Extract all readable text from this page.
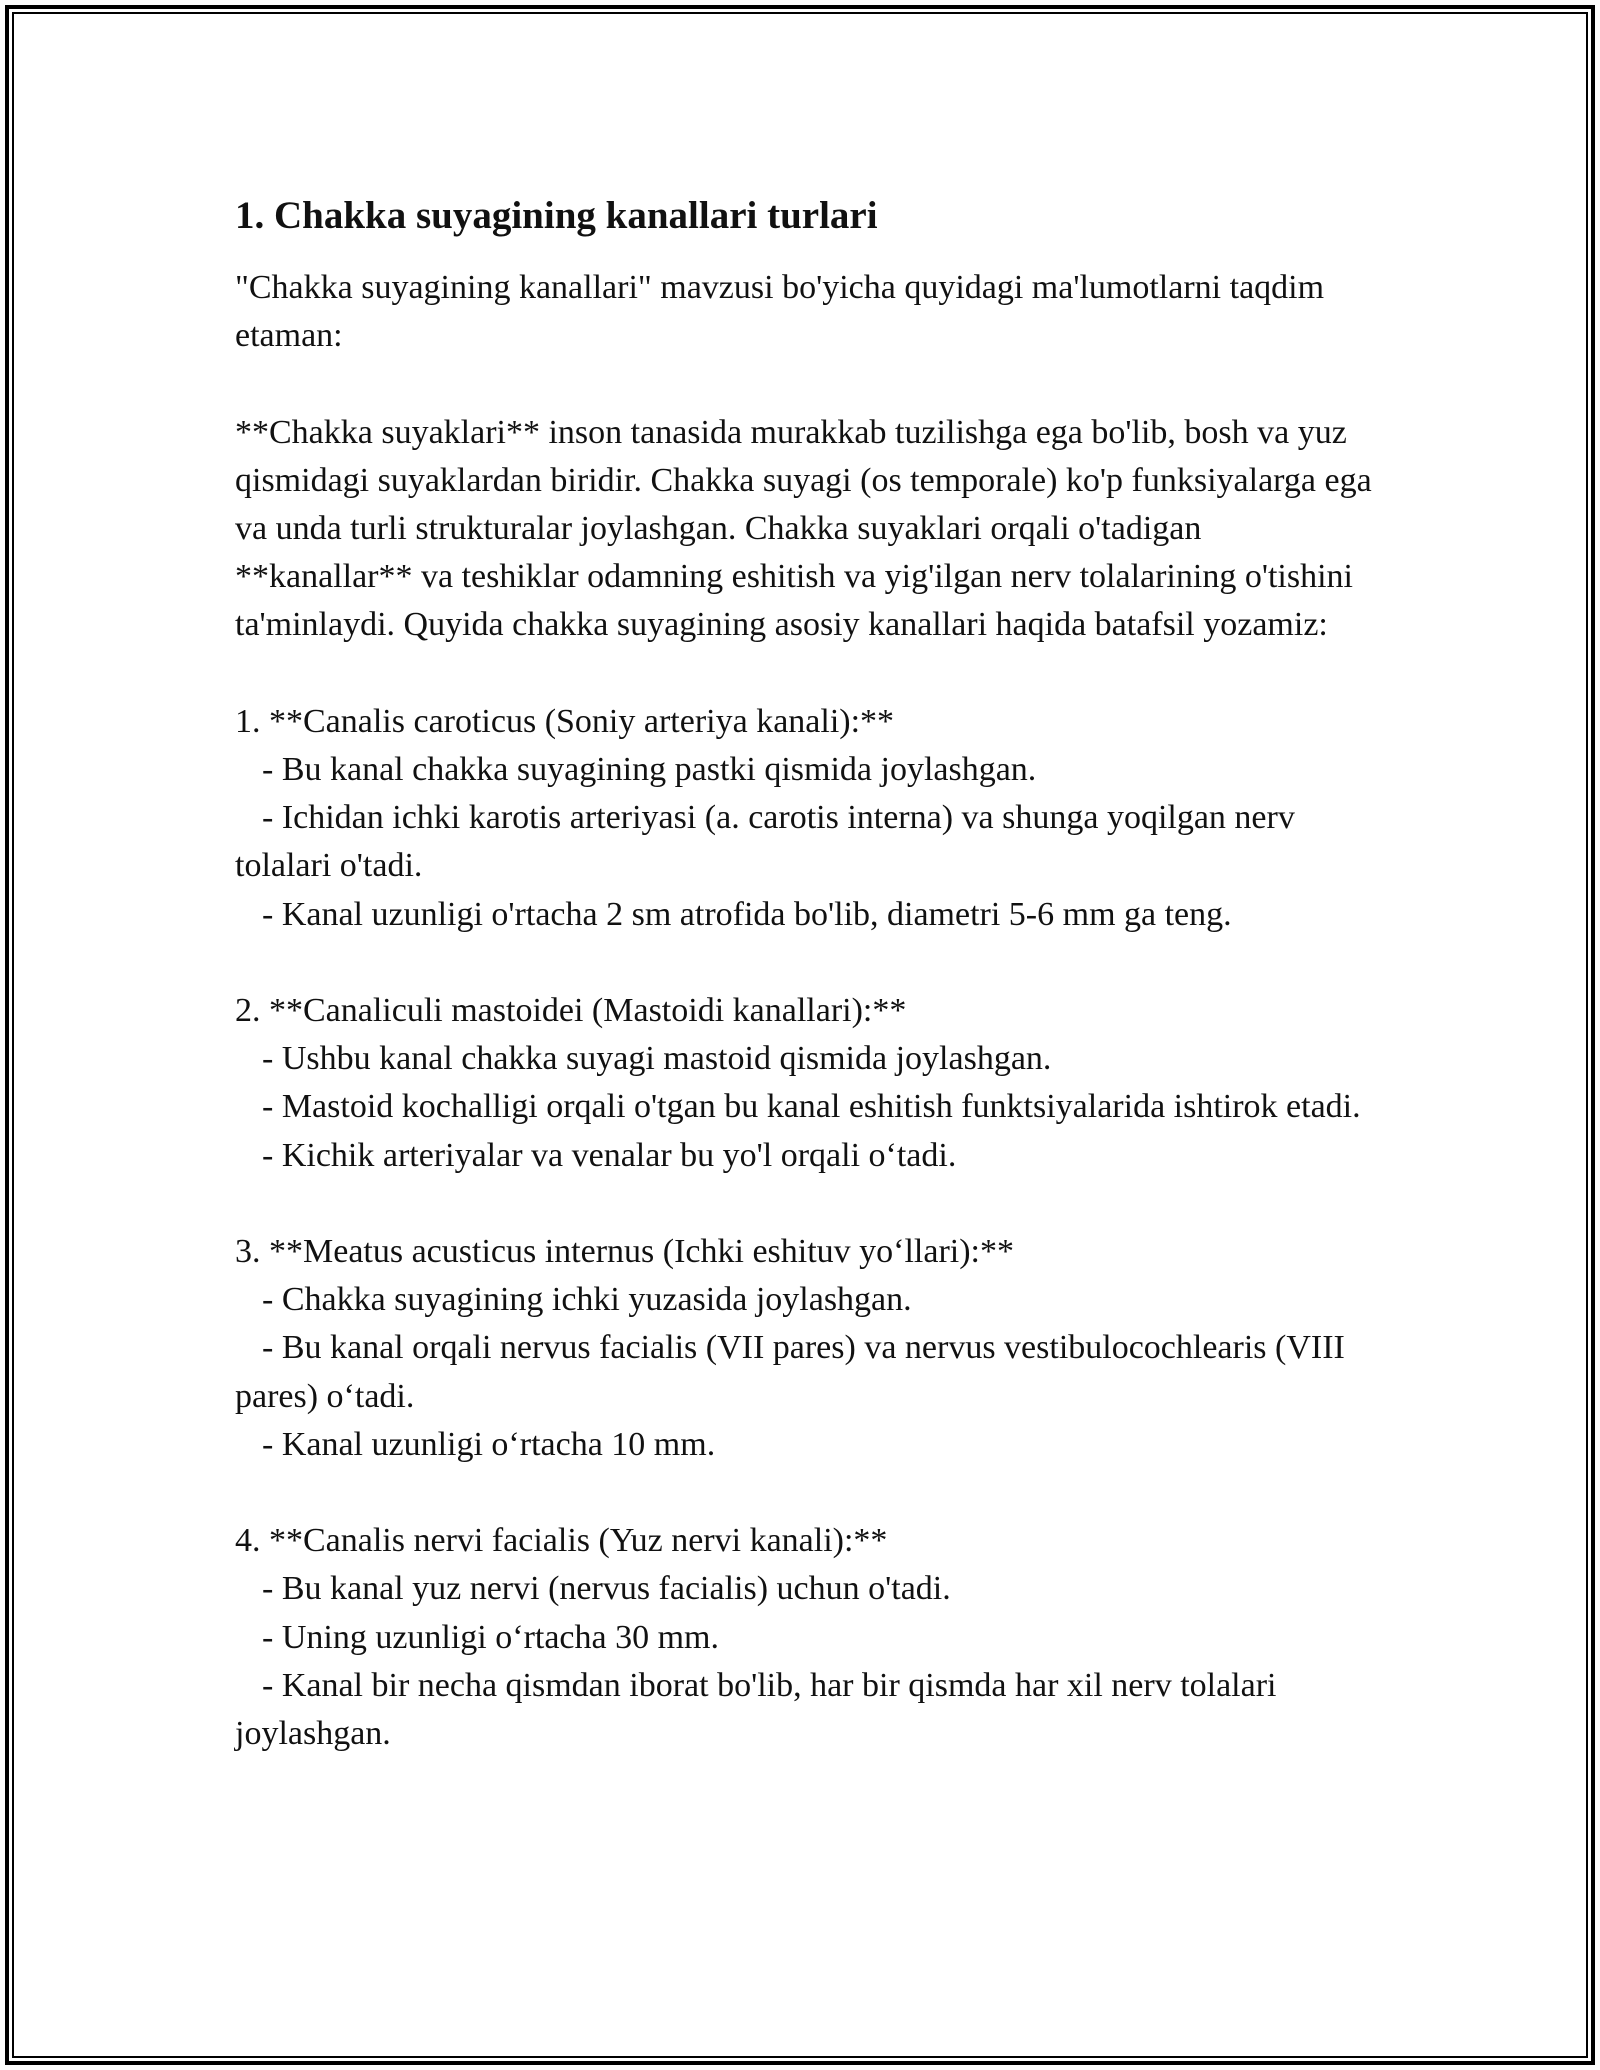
1. Chakka suyagining kanallari turlari

"Chakka suyagining kanallari" mavzusi bo'yicha quyidagi ma'lumotlarni taqdim etaman:

**Chakka suyaklari** inson tanasida murakkab tuzilishga ega bo'lib, bosh va yuz qismidagi suyaklardan biridir. Chakka suyagi (os temporale) ko'p funksiyalarga ega va unda turli strukturalar joylashgan. Chakka suyaklari orqali o'tadigan **kanallar** va teshiklar odamning eshitish va yig'ilgan nerv tolalarining o'tishini ta'minlaydi. Quyida chakka suyagining asosiy kanallari haqida batafsil yozamiz:

1. **Canalis caroticus (Soniy arteriya kanali):**

- Bu kanal chakka suyagining pastki qismida joylashgan.

- Ichidan ichki karotis arteriyasi (a. carotis interna) va shunga yoqilgan nerv tolalari o'tadi.

- Kanal uzunligi o'rtacha 2 sm atrofida bo'lib, diametri 5-6 mm ga teng.

2. **Canaliculi mastoidei (Mastoidi kanallari):**

- Ushbu kanal chakka suyagi mastoid qismida joylashgan.

- Mastoid kochalligi orqali o'tgan bu kanal eshitish funktsiyalarida ishtirok etadi.

- Kichik arteriyalar va venalar bu yo'l orqali o‘tadi.

3. **Meatus acusticus internus (Ichki eshituv yo‘llari):**

- Chakka suyagining ichki yuzasida joylashgan.

- Bu kanal orqali nervus facialis (VII pares) va nervus vestibulocochlearis (VIII pares) o‘tadi.

- Kanal uzunligi o‘rtacha 10 mm.

4. **Canalis nervi facialis (Yuz nervi kanali):**

- Bu kanal yuz nervi (nervus facialis) uchun o'tadi.

- Uning uzunligi o‘rtacha 30 mm.

- Kanal bir necha qismdan iborat bo'lib, har bir qismda har xil nerv tolalari joylashgan.
